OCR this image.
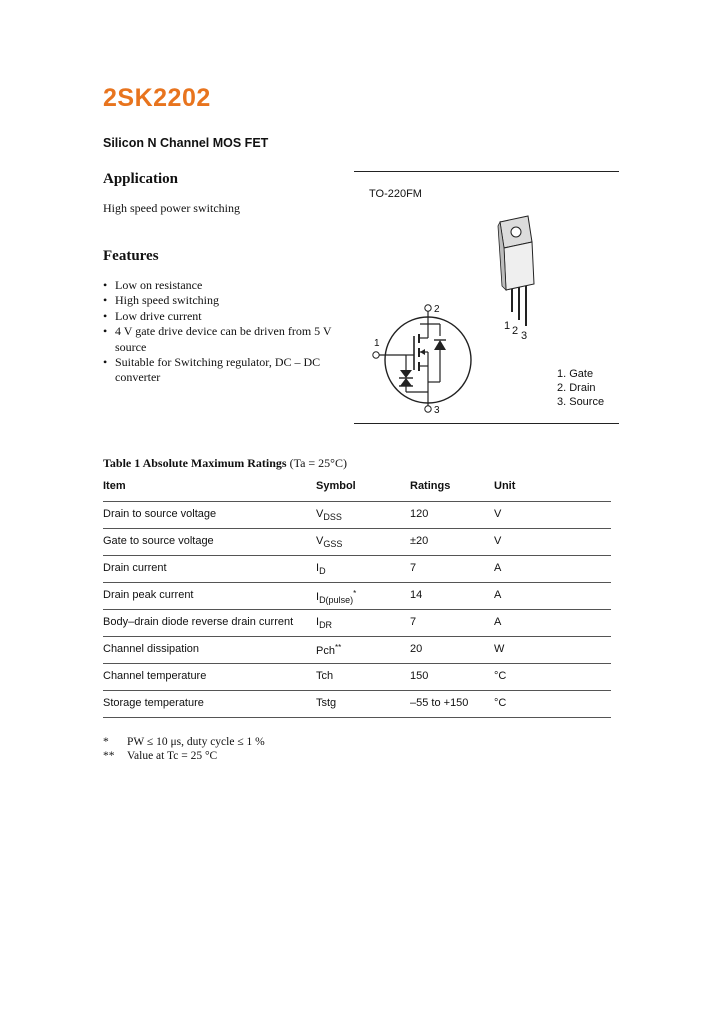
2SK2202
Silicon N Channel MOS FET
Application
High speed power switching
Features
• Low on resistance
• High speed switching
• Low drive current
• 4 V gate drive device can be driven from 5 V source
• Suitable for Switching regulator, DC – DC converter
TO-220FM
1 2 3
2
3
1
1. Gate
2. Drain
3. Source
Table 1 Absolute Maximum Ratings (Ta = 25°C)
Item	Symbol	Ratings	Unit
Drain to source voltage	$V_{DSS}$	120	V
Gate to source voltage	$V_{GSS}$	±20	V
Drain current	$I_D$	7	A
Drain peak current	$I_{D(pulse)}^*$	14	A
Body–drain diode reverse drain current	$I_{DR}$	7	A
Channel dissipation	Pch**	20	W
Channel temperature	Tch	150	°C
Storage temperature	Tstg	–55 to +150	°C
* PW ≤ 10 μs, duty cycle ≤ 1 %
** Value at Tc = 25 °C
